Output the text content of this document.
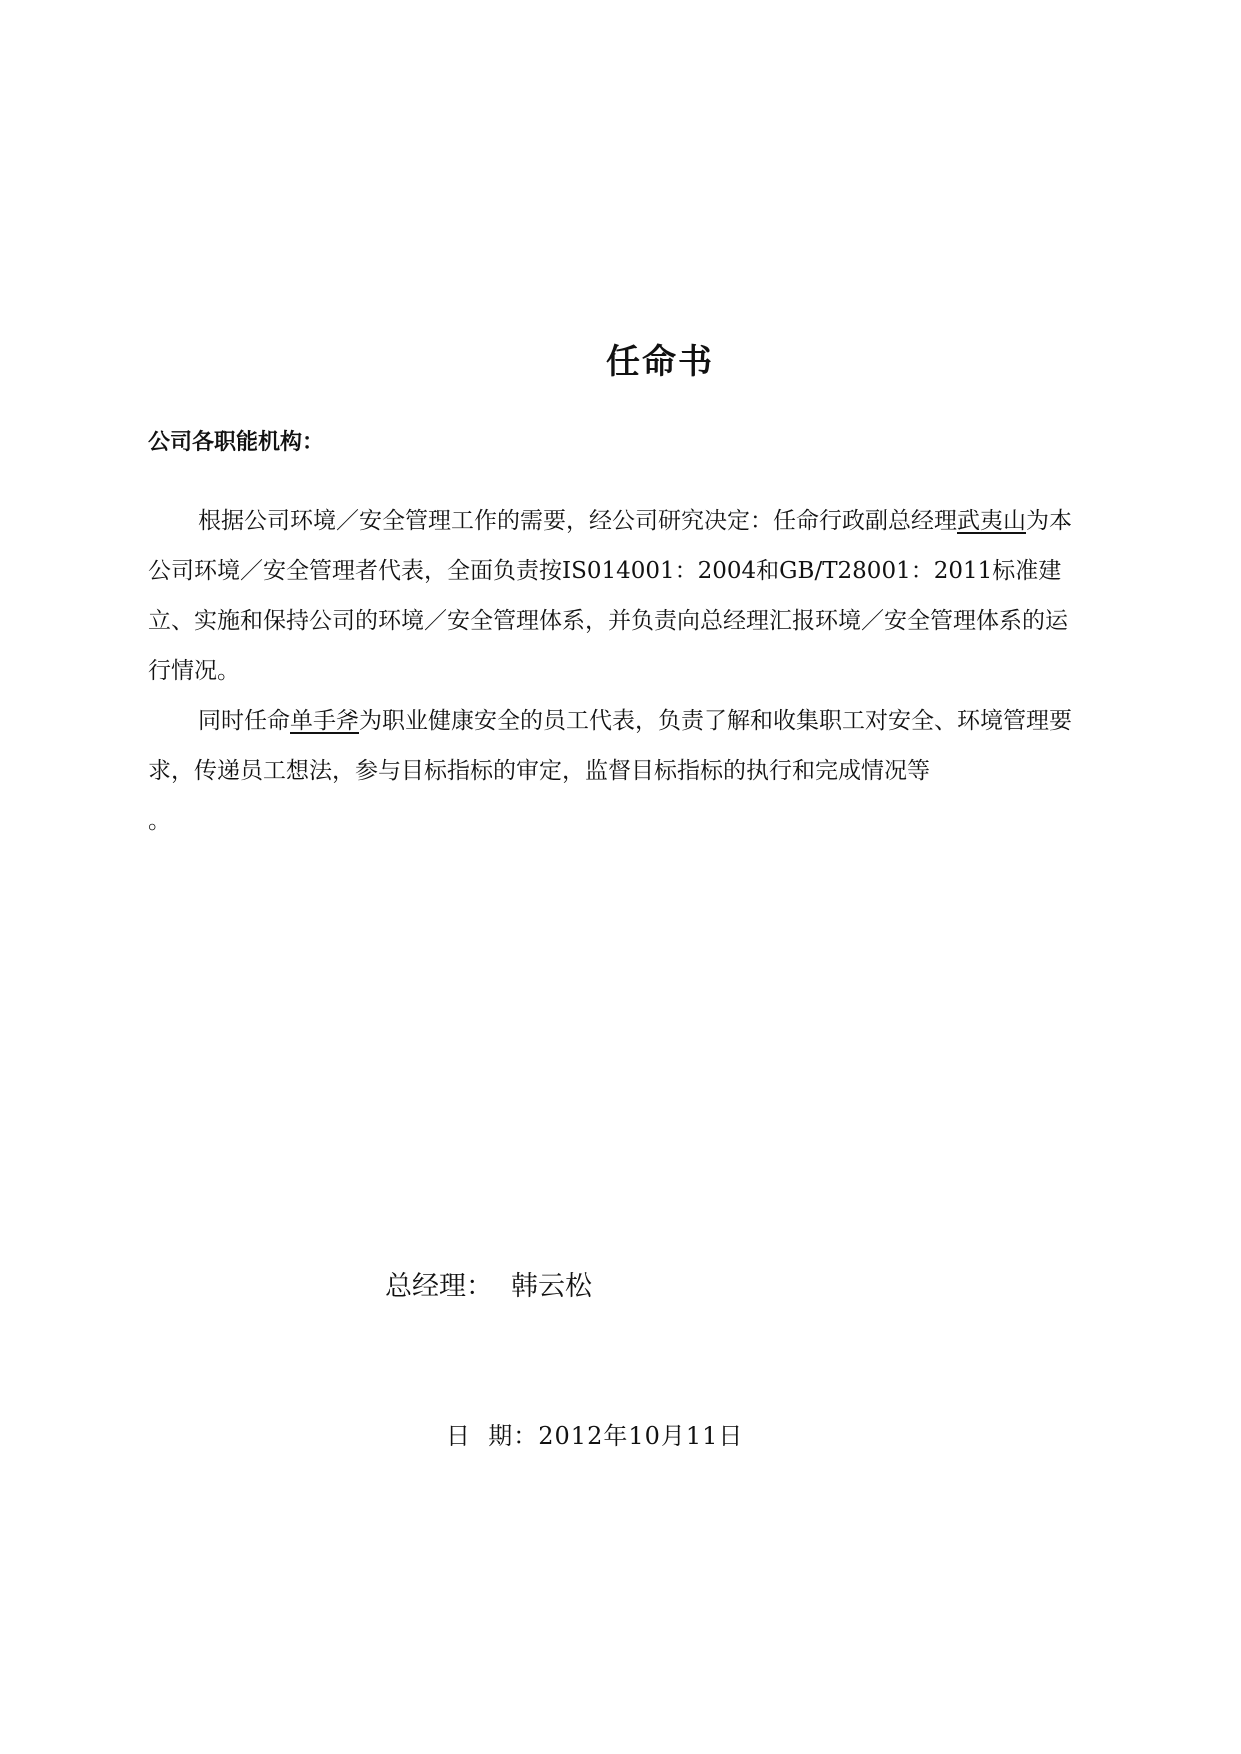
任命书
公司各职能机构：

根据公司环境／安全管理工作的需要，经公司研究决定：任命行政副总经理武夷山为本公司环境／安全管理者代表，全面负责按IS014001：2004和GB/T28001：2011标准建立、实施和保持公司的环境／安全管理体系，并负责向总经理汇报环境／安全管理体系的运行情况。

同时任命单手斧为职业健康安全的员工代表，负责了解和收集职工对安全、环境管理要求，传递员工想法，参与目标指标的审定，监督目标指标的执行和完成情况等

。

总经理： 韩云松
日  期：2012年10月11日
